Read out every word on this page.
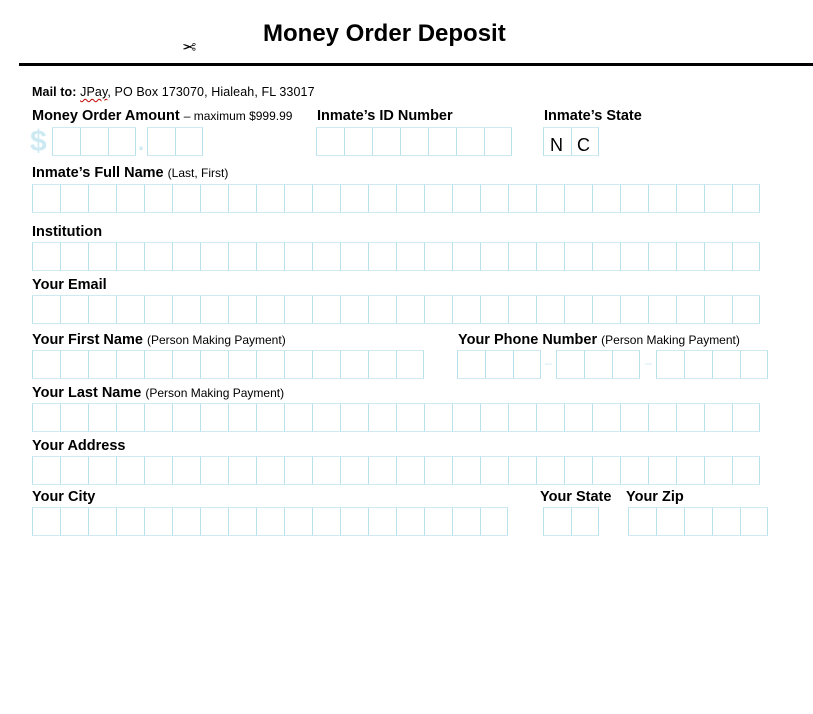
Money Order Deposit
✂
Mail to: JPay, PO Box 173070, Hialeah, FL 33017
Money Order Amount – maximum $999.99
$	.
Inmate’s ID Number	Inmate’s State
N C
Inmate’s Full Name (Last, First)
Institution
Your Email
Your First Name (Person Making Payment)	Your Phone Number (Person Making Payment)
–	–
Your Last Name (Person Making Payment)
Your Address
Your City	Your State Your Zip
